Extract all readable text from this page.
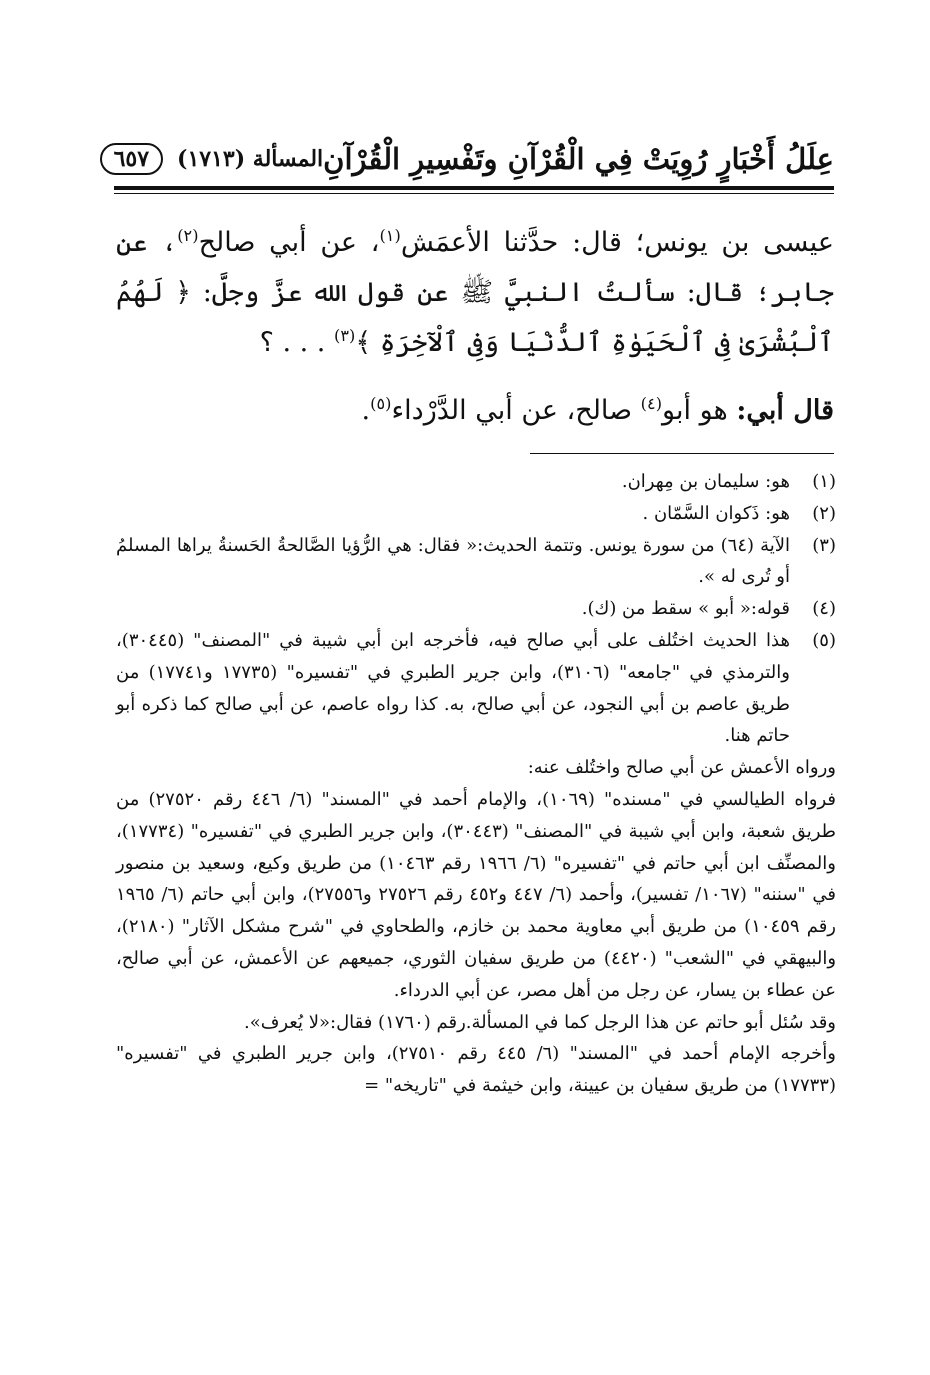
عِلَلُ أَخْبَارٍ رُوِيَتْ فِي الْقُرْآنِ وتَفْسِيرِ الْقُرْآنِ
المسألة (١٧١٣)
٦٥٧

عيسى بن يونس؛ قال: حدَّثنا الأعمَش$^{(١)}$، عن أبي صالح$^{(٢)}$، عن جابر؛ قال: سألتُ النبيَّ ﷺ عن قول الله عزَّ وجلَّ: ﴿ لَهُمُ ٱلْبُشْرَىٰ فِى ٱلْحَيَوٰةِ ٱلدُّنْيَا وَفِى ٱلْآخِرَةِ ﴾$^{(٣)}$ . . . ؟

قال أبي: هو أبو$^{(٤)}$ صالح، عن أبي الدَّرْداء$^{(٥)}$.

(١)
هو: سليمان بن مِهران.

(٢)
هو: ذَكوان السَّمّان .

(٣)
الآية (٦٤) من سورة يونس. وتتمة الحديث:« فقال: هي الرُّؤيا الصَّالحةُ الحَسنةُ يراها المسلمُ أو تُرى له ».

(٤)
قوله:« أبو » سقط من (ك).

(٥)
هذا الحديث اختُلف على أبي صالح فيه، فأخرجه ابن أبي شيبة في "المصنف" (٣٠٤٤٥)، والترمذي في "جامعه" (٣١٠٦)، وابن جرير الطبري في "تفسيره" (١٧٧٣٥ و١٧٧٤١) من طريق عاصم بن أبي النجود، عن أبي صالح، به. كذا رواه عاصم، عن أبي صالح كما ذكره أبو حاتم هنا.

ورواه الأعمش عن أبي صالح واختُلف عنه:

فرواه الطيالسي في "مسنده" (١٠٦٩)، والإمام أحمد في "المسند" (٦/ ٤٤٦ رقم ٢٧٥٢٠) من طريق شعبة، وابن أبي شيبة في "المصنف" (٣٠٤٤٣)، وابن جرير الطبري في "تفسيره" (١٧٧٣٤)، والمصنِّف ابن أبي حاتم في "تفسيره" (٦/ ١٩٦٦ رقم ١٠٤٦٣) من طريق وكيع، وسعيد بن منصور في "سننه" (١٠٦٧/ تفسير)، وأحمد (٦/ ٤٤٧ و٤٥٢ رقم ٢٧٥٢٦ و٢٧٥٥٦)، وابن أبي حاتم (٦/ ١٩٦٥ رقم ١٠٤٥٩) من طريق أبي معاوية محمد بن خازم، والطحاوي في "شرح مشكل الآثار" (٢١٨٠)، والبيهقي في "الشعب" (٤٤٢٠) من طريق سفيان الثوري، جميعهم عن الأعمش، عن أبي صالح، عن عطاء بن يسار، عن رجل من أهل مصر، عن أبي الدرداء.

وقد سُئل أبو حاتم عن هذا الرجل كما في المسألة.رقم (١٧٦٠) فقال:«لا يُعرف».

وأخرجه الإمام أحمد في "المسند" (٦/ ٤٤٥ رقم ٢٧٥١٠)، وابن جرير الطبري في "تفسيره" (١٧٧٣٣) من طريق سفيان بن عيينة، وابن خيثمة في "تاريخه" =
